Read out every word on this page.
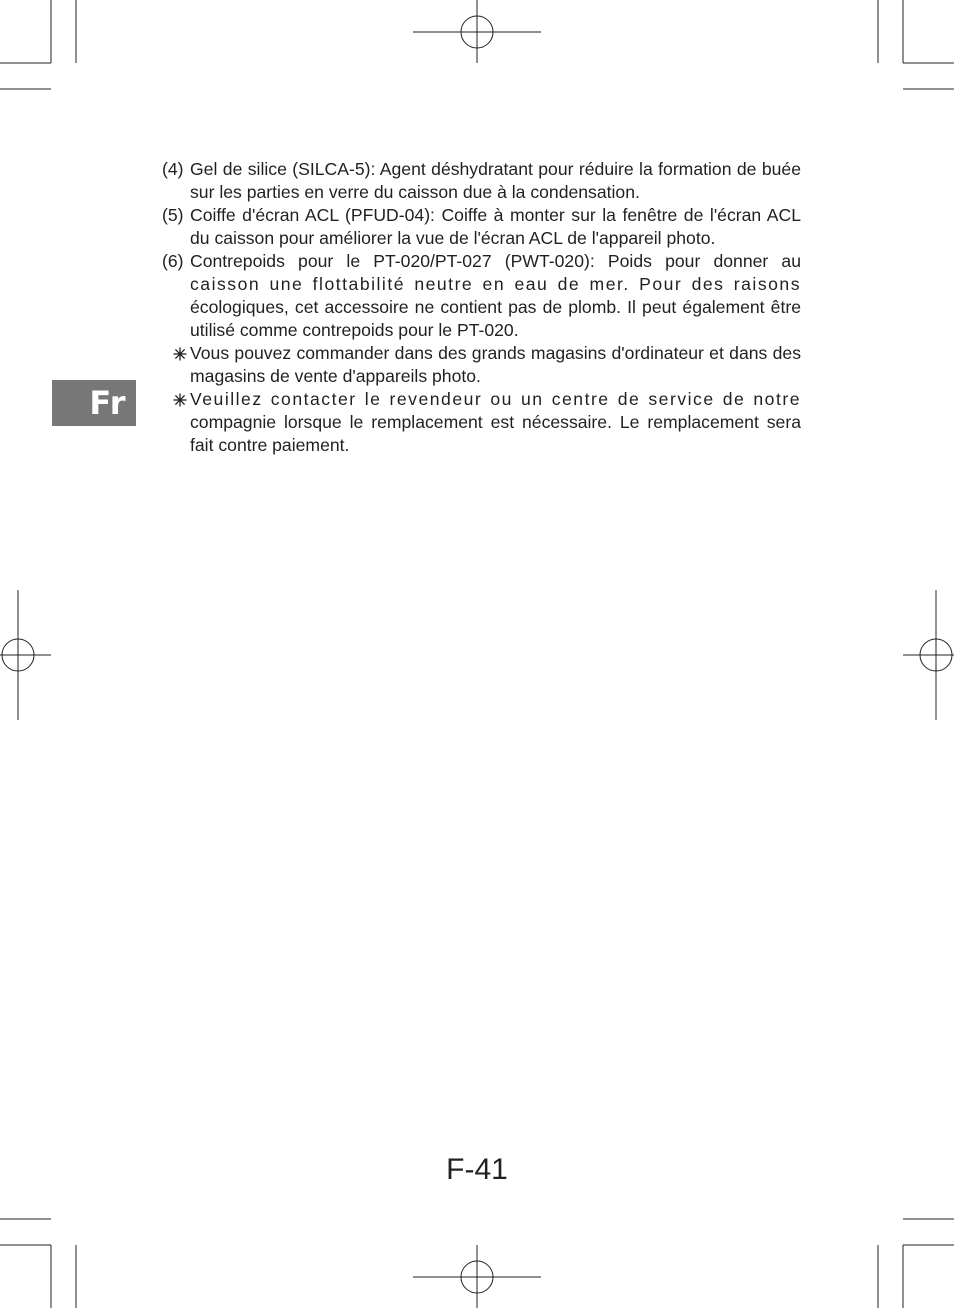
Fr

(4) Gel de silice (SILCA-5): Agent déshydratant pour réduire la formation de buée sur les parties en verre du caisson due à la condensation.

(5) Coiffe d'écran ACL (PFUD-04): Coiffe à monter sur la fenêtre de l'écran ACL du caisson pour améliorer la vue de l'écran ACL de l'appareil photo.

(6) Contrepoids pour le PT-020/PT-027 (PWT-020): Poids pour donner au caisson une flottabilité neutre en eau de mer. Pour des raisons écologiques, cet accessoire ne contient pas de plomb. Il peut également être utilisé comme contrepoids pour le PT-020.

Vous pouvez commander dans des grands magasins d'ordinateur et dans des magasins de vente d'appareils photo.

Veuillez contacter le revendeur ou un centre de service de notre compagnie lorsque le remplacement est nécessaire. Le remplacement sera fait contre paiement.

F-41
